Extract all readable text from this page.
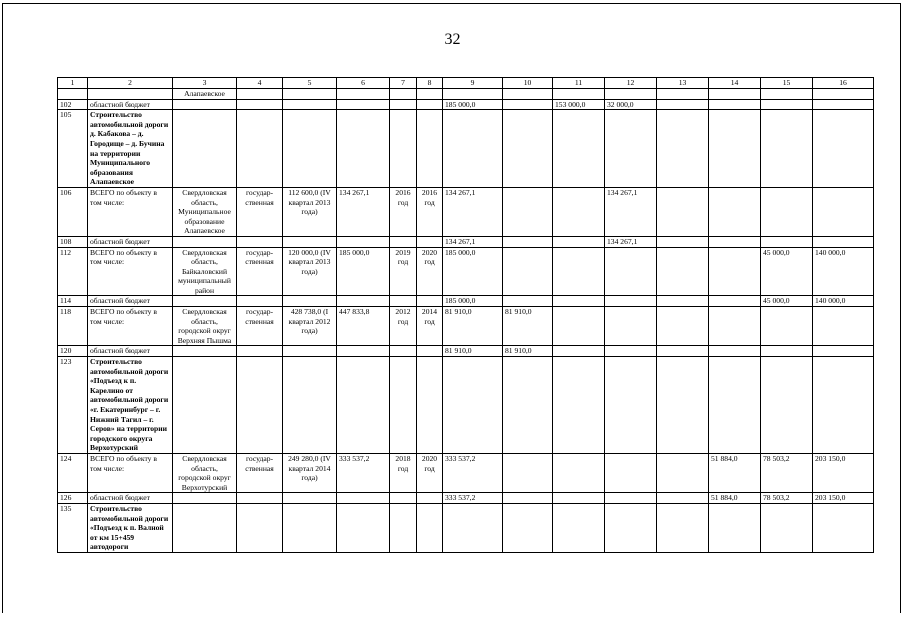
32
1	2	3	4	5	6	7	8	9	10	11	12	13	14	15	16
		Алапаевское													
102	областной бюджет							185 000,0		153 000,0	32 000,0				
105	Строительство автомобильной дороги д. Кабакова – д. Городище – д. Бучина на территории Муниципального образования Алапаевское														
106	ВСЕГО по объекту в том числе:	Свердловская область, Муниципальное образование Алапаевское	государ-ственная	112 600,0 (IV квартал 2013 года)	134 267,1	2016 год	2016 год	134 267,1			134 267,1				
108	областной бюджет							134 267,1			134 267,1				
112	ВСЕГО по объекту в том числе:	Свердловская область, Байкаловский муниципальный район	государ-ственная	120 000,0 (IV квартал 2013 года)	185 000,0	2019 год	2020 год	185 000,0						45 000,0	140 000,0
114	областной бюджет							185 000,0						45 000,0	140 000,0
118	ВСЕГО по объекту в том числе:	Свердловская область, городской округ Верхняя Пышма	государ-ственная	428 738,0 (I квартал 2012 года)	447 833,8	2012 год	2014 год	81 910,0	81 910,0						
120	областной бюджет							81 910,0	81 910,0						
123	Строительство автомобильной дороги «Подъезд к п. Карелино от автомобильной дороги «г. Екатеринбург – г. Нижний Тагил – г. Серов» на территории городского округа Верхотурский														
124	ВСЕГО по объекту в том числе:	Свердловская область, городской округ Верхотурский	государ-ственная	249 280,0 (IV квартал 2014 года)	333 537,2	2018 год	2020 год	333 537,2					51 884,0	78 503,2	203 150,0
126	областной бюджет							333 537,2					51 884,0	78 503,2	203 150,0
135	Строительство автомобильной дороги «Подъезд к п. Валной от км 15+459 автодороги														
